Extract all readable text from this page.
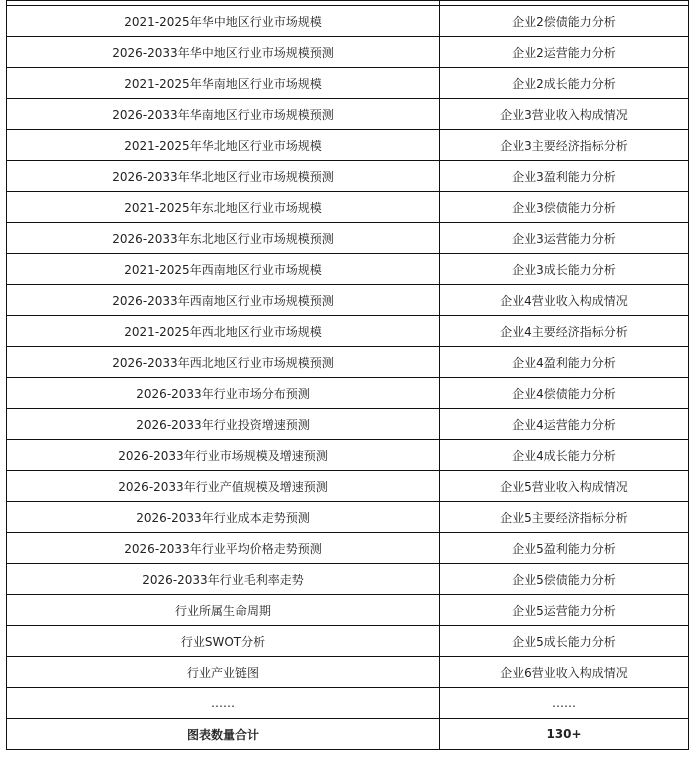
2021-2025年华中地区行业市场规模	企业2偿债能力分析
2026-2033年华中地区行业市场规模预测	企业2运营能力分析
2021-2025年华南地区行业市场规模	企业2成长能力分析
2026-2033年华南地区行业市场规模预测	企业3营业收入构成情况
2021-2025年华北地区行业市场规模	企业3主要经济指标分析
2026-2033年华北地区行业市场规模预测	企业3盈利能力分析
2021-2025年东北地区行业市场规模	企业3偿债能力分析
2026-2033年东北地区行业市场规模预测	企业3运营能力分析
2021-2025年西南地区行业市场规模	企业3成长能力分析
2026-2033年西南地区行业市场规模预测	企业4营业收入构成情况
2021-2025年西北地区行业市场规模	企业4主要经济指标分析
2026-2033年西北地区行业市场规模预测	企业4盈利能力分析
2026-2033年行业市场分布预测	企业4偿债能力分析
2026-2033年行业投资增速预测	企业4运营能力分析
2026-2033年行业市场规模及增速预测	企业4成长能力分析
2026-2033年行业产值规模及增速预测	企业5营业收入构成情况
2026-2033年行业成本走势预测	企业5主要经济指标分析
2026-2033年行业平均价格走势预测	企业5盈利能力分析
2026-2033年行业毛利率走势	企业5偿债能力分析
行业所属生命周期	企业5运营能力分析
行业SWOT分析	企业5成长能力分析
行业产业链图	企业6营业收入构成情况
……	……
图表数量合计	130+
